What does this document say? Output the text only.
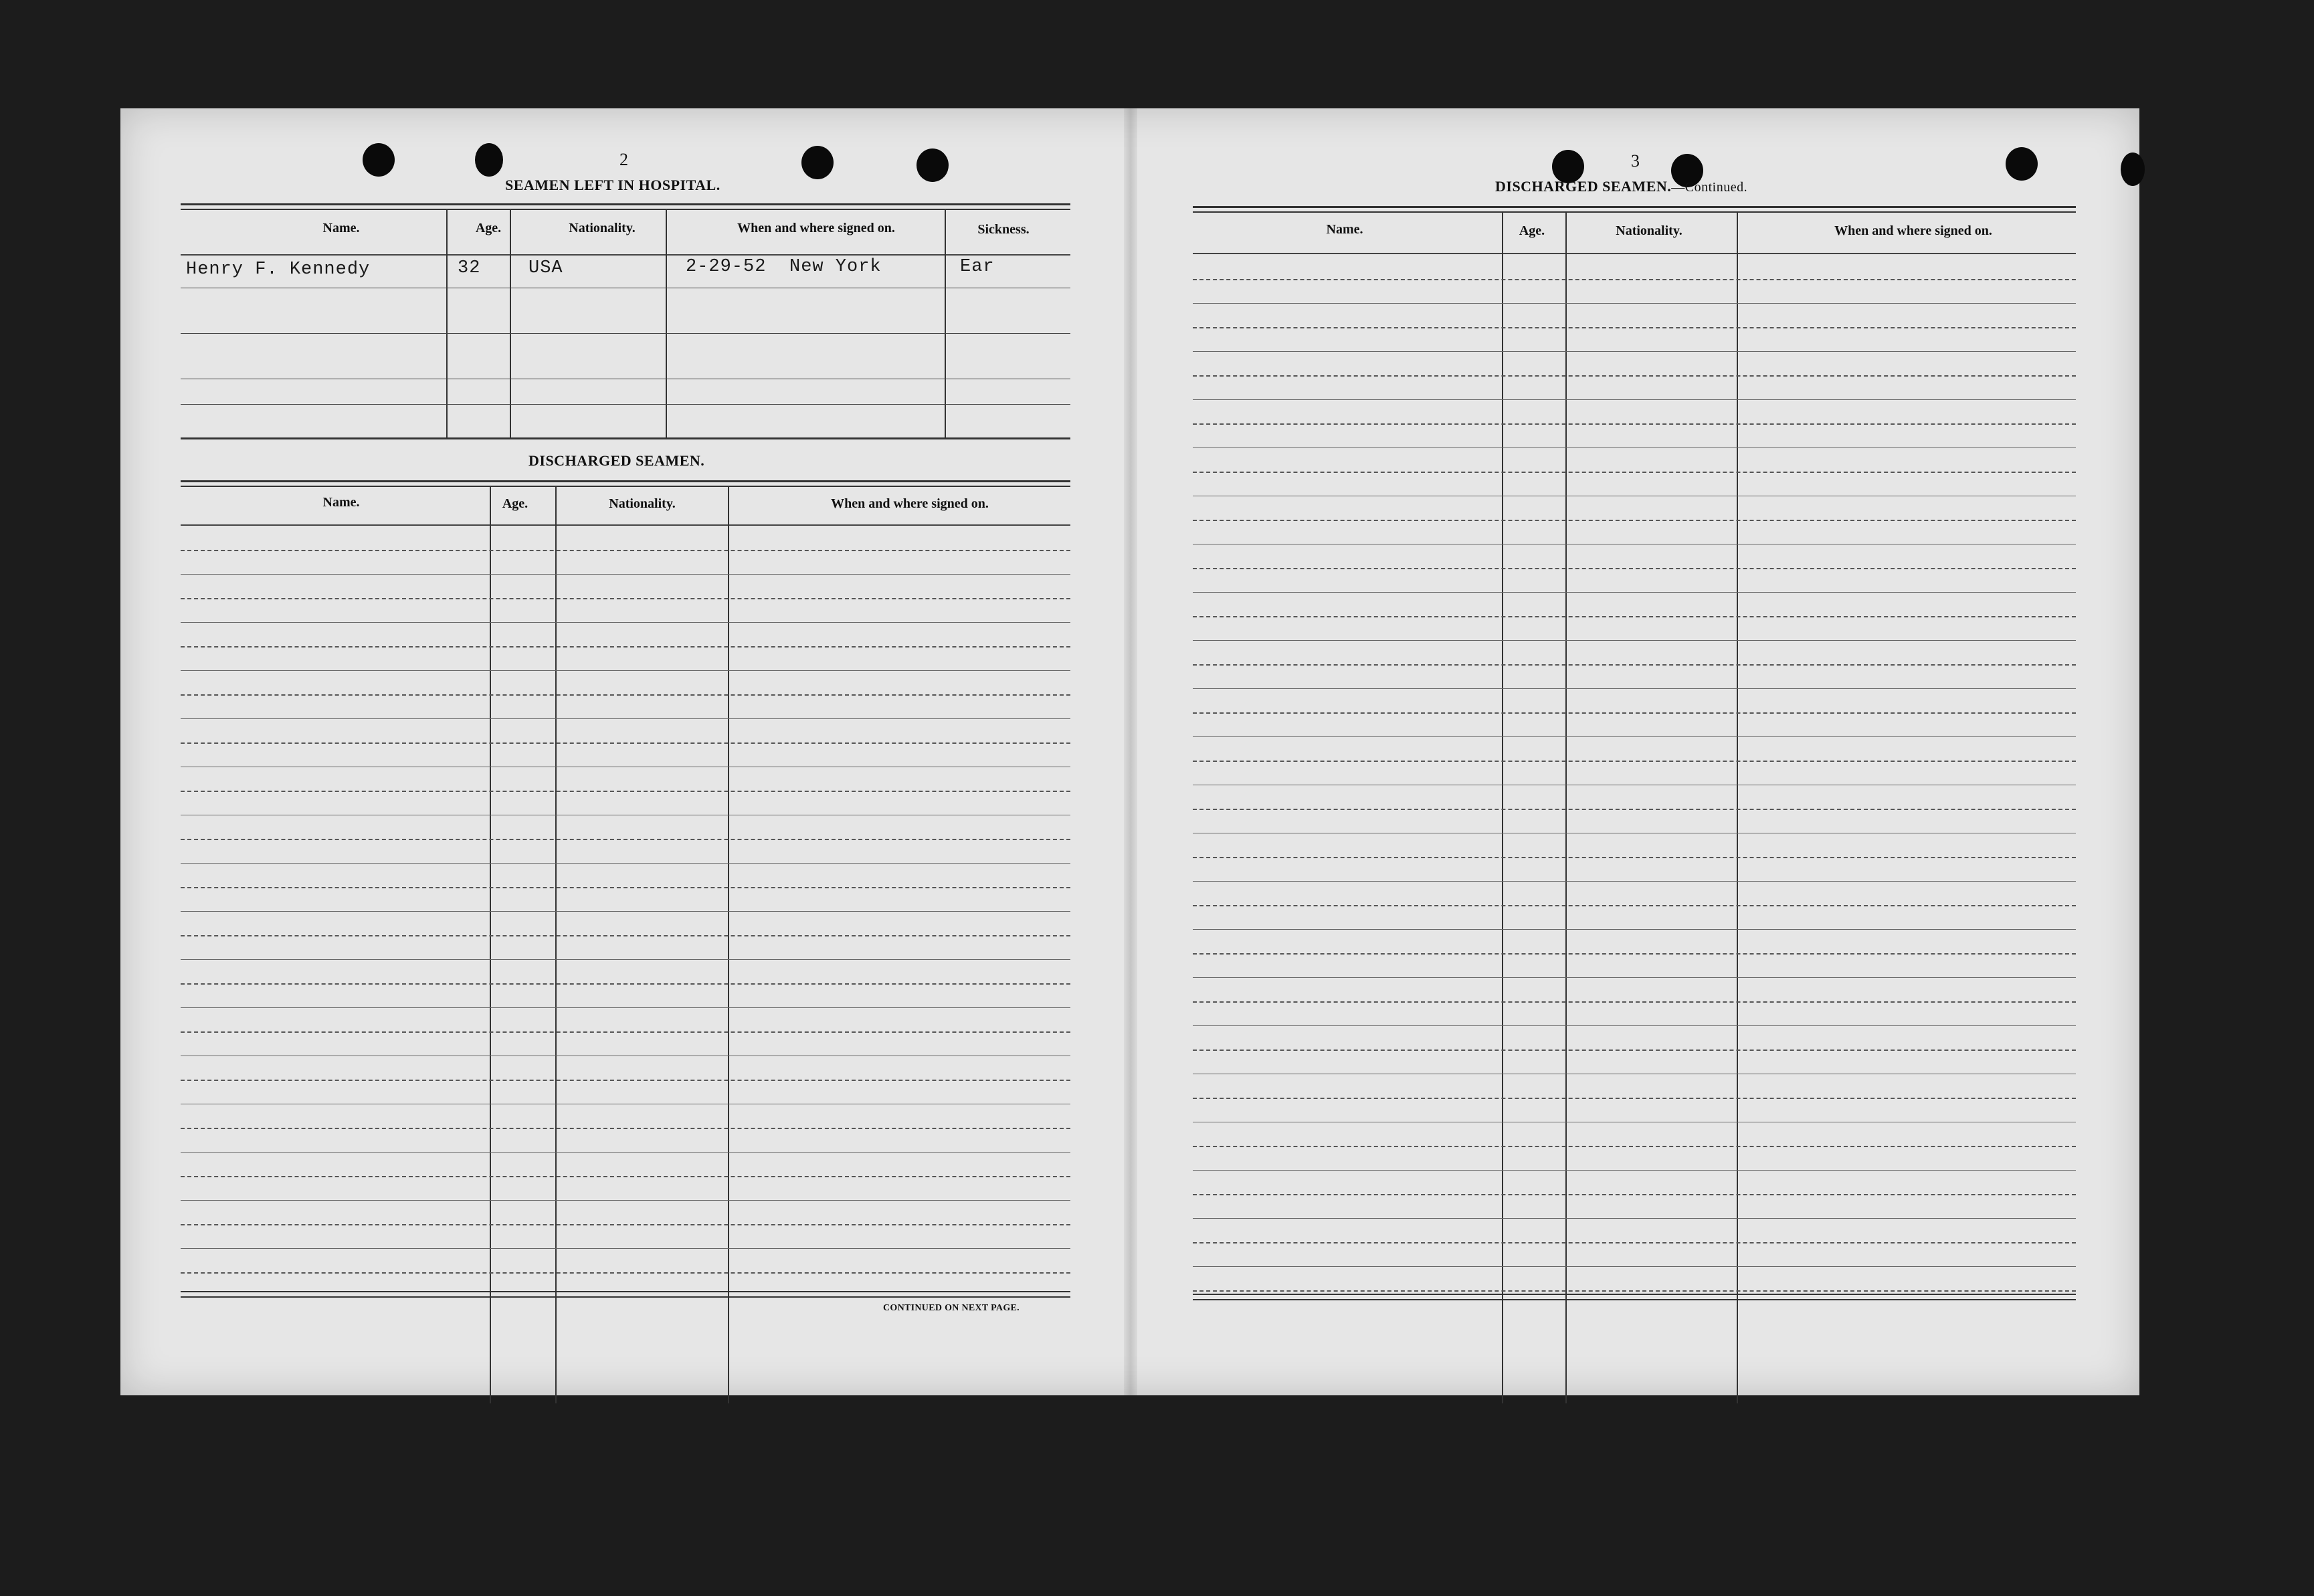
2
SEAMEN LEFT IN HOSPITAL.
Name.	Age.	Nationality.	When and where signed on.	Sickness.
Henry F. Kennedy	32	USA	2-29-52 New York	Ear
DISCHARGED SEAMEN.
Name.	Age.	Nationality.	When and where signed on.
CONTINUED ON NEXT PAGE.
3
DISCHARGED SEAMEN.—Continued.
Name.	Age.	Nationality.	When and where signed on.
